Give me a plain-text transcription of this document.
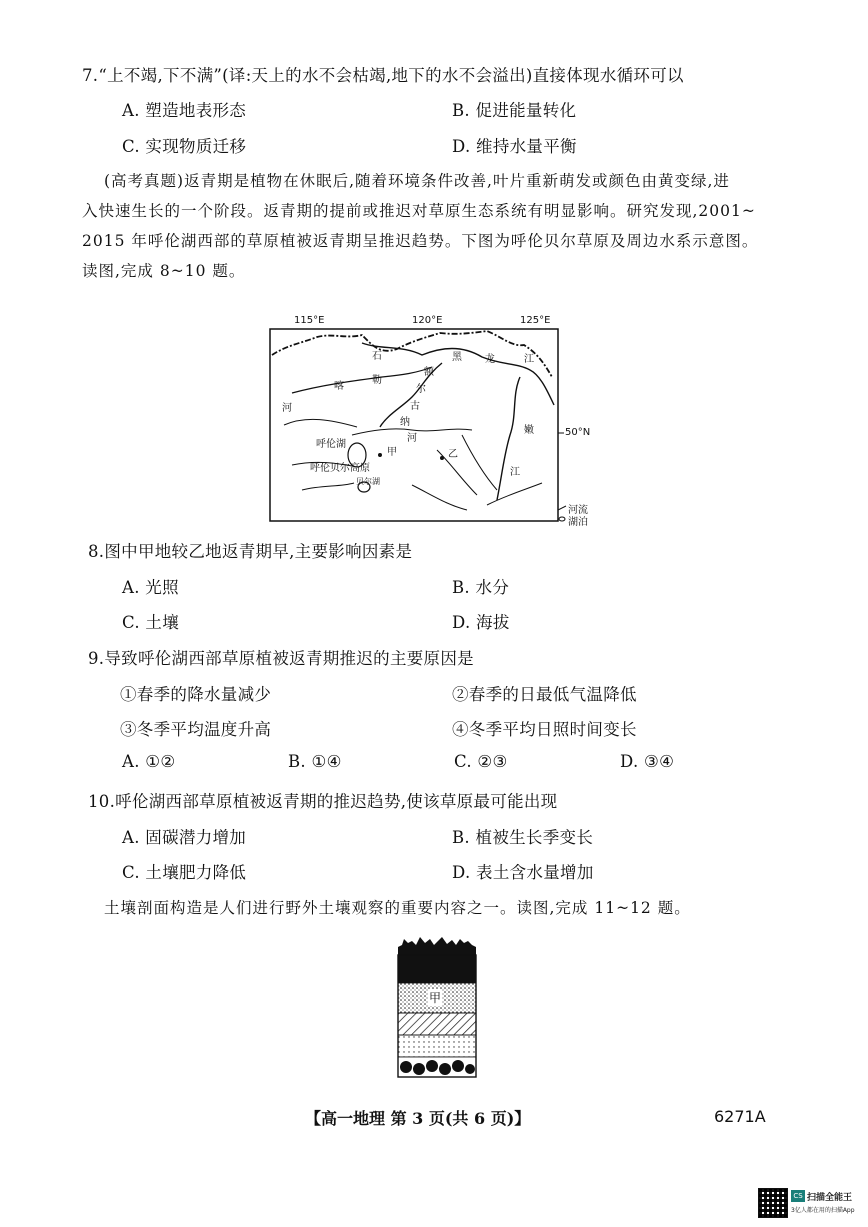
7.“上不竭,下不满”(译:天上的水不会枯竭,地下的水不会溢出)直接体现水循环可以
A. 塑造地表形态	B. 促进能量转化
C. 实现物质迁移	D. 维持水量平衡
(高考真题)返青期是植物在休眠后,随着环境条件改善,叶片重新萌发或颜色由黄变绿,进
入快速生长的一个阶段。返青期的提前或推迟对草原生态系统有明显影响。研究发现,2001~
2015 年呼伦湖西部的草原植被返青期呈推迟趋势。下图为呼伦贝尔草原及周边水系示意图。
读图,完成 8~10 题。
115°E	120°E	125°E
石	黑 龙	江
额
喀
勒
尔
古
河
纳
河
嫩	50°N
呼伦湖
甲	乙
呼伦贝尔高原	江
贝尔湖
河流
湖泊
8.图中甲地较乙地返青期早,主要影响因素是
A. 光照	B. 水分
C. 土壤	D. 海拔
9.导致呼伦湖西部草原植被返青期推迟的主要原因是
①春季的降水量减少	②春季的日最低气温降低
③冬季平均温度升高	④冬季平均日照时间变长
A. ①②	B. ①④	C. ②③	D. ③④
10.呼伦湖西部草原植被返青期的推迟趋势,使该草原最可能出现
A. 固碳潜力增加	B. 植被生长季变长
C. 土壤肥力降低	D. 表土含水量增加
土壤剖面构造是人们进行野外土壤观察的重要内容之一。读图,完成 11~12 题。
甲
【高一地理 第 3 页(共 6 页)】	6271A
CS 扫描全能王
3亿人都在用的扫描App
